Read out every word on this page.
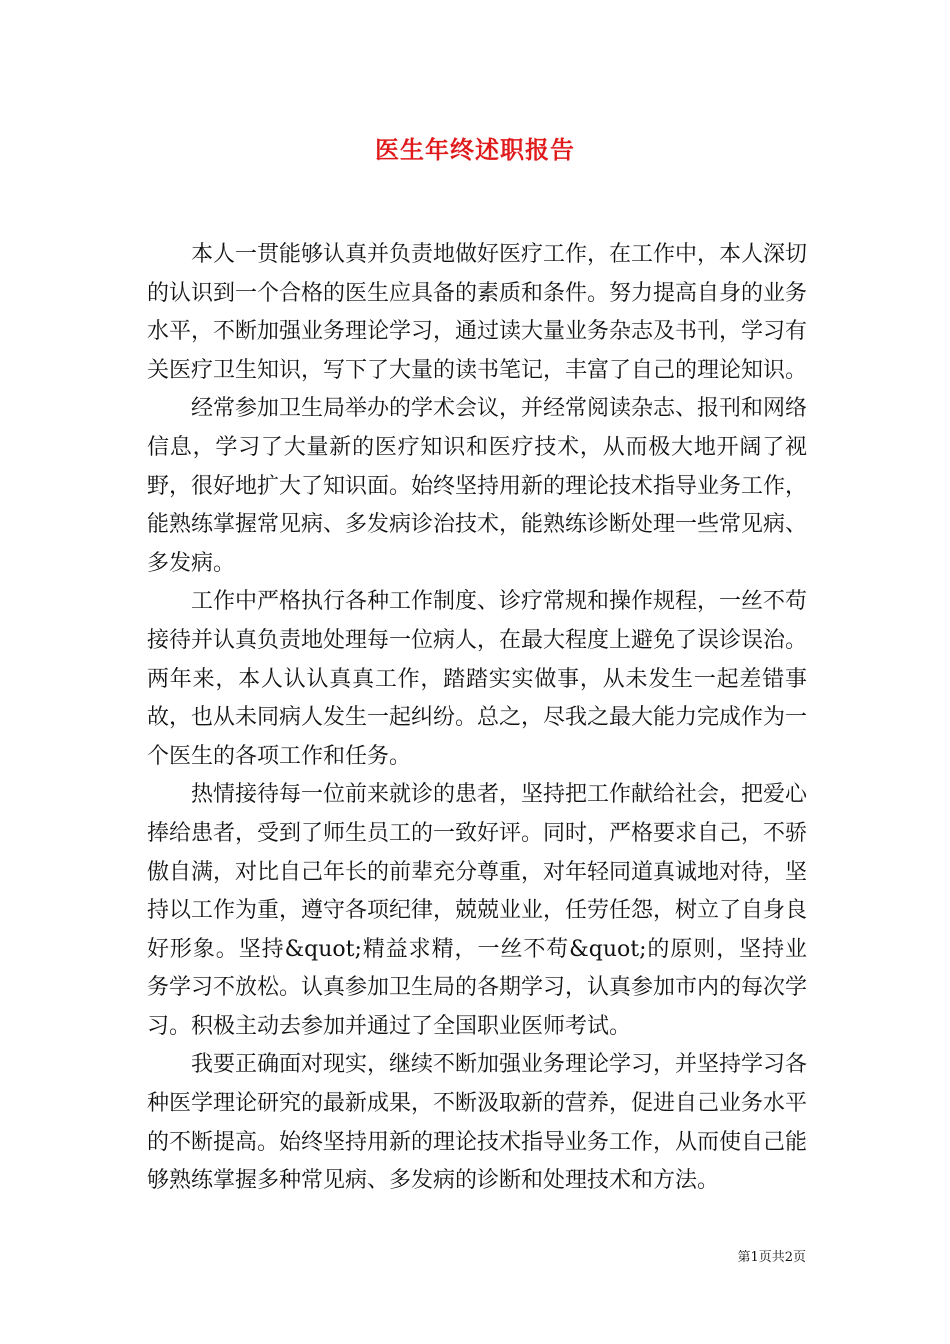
医生年终述职报告

本人一贯能够认真并负责地做好医疗工作，在工作中，本人深切的认识到一个合格的医生应具备的素质和条件。努力提高自身的业务水平，不断加强业务理论学习，通过读大量业务杂志及书刊，学习有关医疗卫生知识，写下了大量的读书笔记，丰富了自己的理论知识。

经常参加卫生局举办的学术会议，并经常阅读杂志、报刊和网络信息，学习了大量新的医疗知识和医疗技术，从而极大地开阔了视野，很好地扩大了知识面。始终坚持用新的理论技术指导业务工作，能熟练掌握常见病、多发病诊治技术，能熟练诊断处理一些常见病、多发病。

工作中严格执行各种工作制度、诊疗常规和操作规程，一丝不苟接待并认真负责地处理每一位病人，在最大程度上避免了误诊误治。两年来，本人认认真真工作，踏踏实实做事，从未发生一起差错事故，也从未同病人发生一起纠纷。总之，尽我之最大能力完成作为一个医生的各项工作和任务。

热情接待每一位前来就诊的患者，坚持把工作献给社会，把爱心捧给患者，受到了师生员工的一致好评。同时，严格要求自己，不骄傲自满，对比自己年长的前辈充分尊重，对年轻同道真诚地对待，坚持以工作为重，遵守各项纪律，兢兢业业，任劳任怨，树立了自身良好形象。坚持&quot;精益求精，一丝不苟&quot;的原则，坚持业务学习不放松。认真参加卫生局的各期学习，认真参加市内的每次学习。积极主动去参加并通过了全国职业医师考试。

我要正确面对现实，继续不断加强业务理论学习，并坚持学习各种医学理论研究的最新成果，不断汲取新的营养，促进自己业务水平的不断提高。始终坚持用新的理论技术指导业务工作，从而使自己能够熟练掌握多种常见病、多发病的诊断和处理技术和方法。

第1页共2页
